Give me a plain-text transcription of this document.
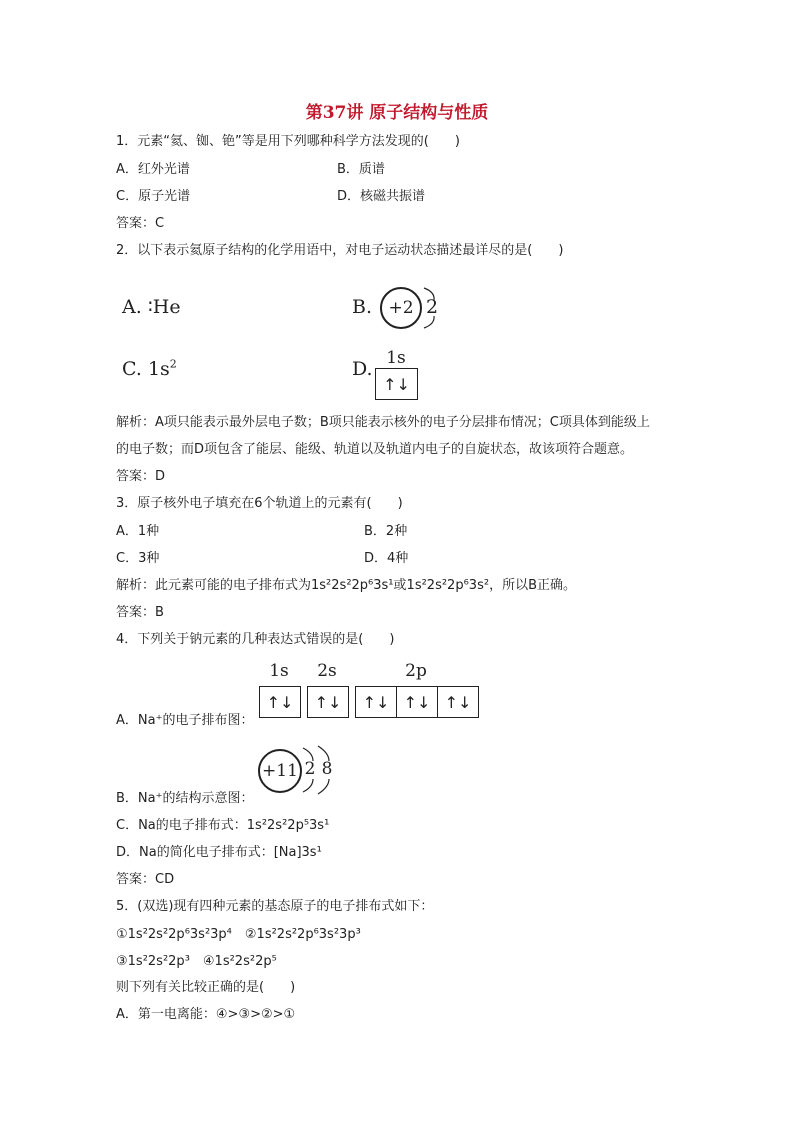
第37讲 原子结构与性质
1．元素“氦、铷、铯”等是用下列哪种科学方法发现的(　　)
A．红外光谱	B．质谱
C．原子光谱	D．核磁共振谱
答案：C
2．以下表示氦原子结构的化学用语中，对电子运动状态描述最详尽的是(　　)
A. ∶He	B. +2 2
C. $1s^2$	D. 1s
↑↓
解析：A项只能表示最外层电子数；B项只能表示核外的电子分层排布情况；C项具体到能级上
的电子数；而D项包含了能层、能级、轨道以及轨道内电子的自旋状态，故该项符合题意。
答案：D
3．原子核外电子填充在6个轨道上的元素有(　　)
A．1种	B．2种
C．3种	D．4种
解析：此元素可能的电子排布式为1s²2s²2p⁶3s¹或1s²2s²2p⁶3s²，所以B正确。
答案：B
4．下列关于钠元素的几种表达式错误的是(　　)
1s	2s	2p
↑↓	↑↓	↑↓ ↑↓ ↑↓
A．Na⁺的电子排布图：
+11 2 8
B．Na⁺的结构示意图：
C．Na的电子排布式：1s²2s²2p⁵3s¹
D．Na的简化电子排布式：[Na]3s¹
答案：CD
5．(双选)现有四种元素的基态原子的电子排布式如下：
①1s²2s²2p⁶3s²3p⁴　②1s²2s²2p⁶3s²3p³
③1s²2s²2p³　④1s²2s²2p⁵
则下列有关比较正确的是(　　)
A．第一电离能：④>③>②>①
